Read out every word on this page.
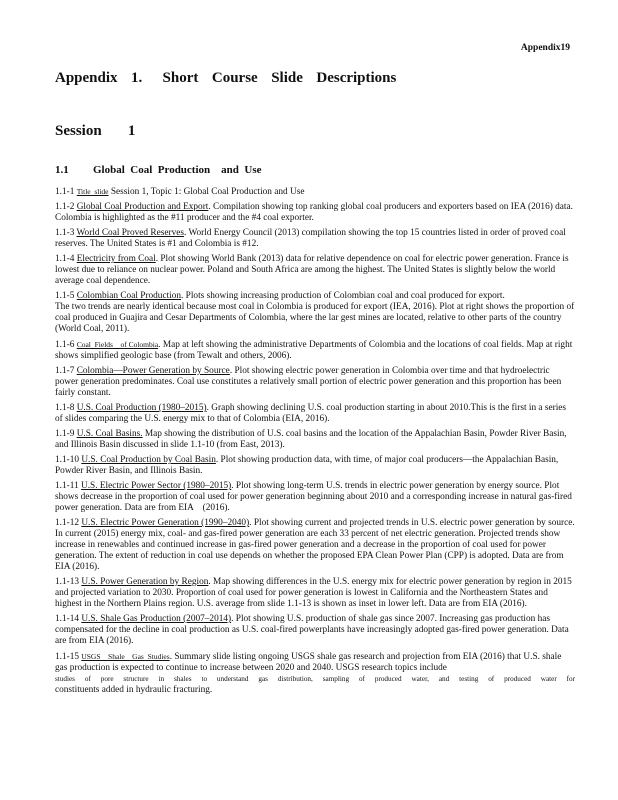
Appendix19
Appendix  1.   Short  Course  Slide  Descriptions
Session   1
1.1 Global  Coal  Production    and  Use

1.1-1 Title  slide Session 1, Topic 1: Global Coal Production and Use

1.1-2 Global Coal Production and Export. Compilation showing top ranking global coal producers and exporters based on IEA (2016) data. Colombia is highlighted as the #11 producer and the #4 coal exporter.

1.1-3 World Coal Proved Reserves. World Energy Council (2013) compilation showing the top 15 countries listed in order of proved coal reserves. The United States is #1 and Colombia is #12.

1.1-4 Electricity from Coal. Plot showing World Bank (2013) data for relative dependence on coal for electric power generation. France is lowest due to reliance on nuclear power. Poland and South Africa are among the highest. The United States is slightly below the world average coal dependence.

1.1-5 Colombian Coal Production. Plots showing increasing production of Colombian coal and coal produced for export.
The two trends are nearly identical because most coal in Colombia is produced for export (IEA, 2016). Plot at right shows the proportion of coal produced in Guajira and Cesar Departments of Colombia, where the lar gest mines are located, relative to other parts of the country (World Coal, 2011).

1.1-6 Coal  Fields    of Colombia. Map at left showing the administrative Departments of Colombia and the locations of coal fields. Map at right shows simplified geologic base (from Tewalt and others, 2006).

1.1-7 Colombia—Power Generation by Source. Plot showing electric power generation in Colombia over time and that hydroelectric power generation predominates. Coal use constitutes a relatively small portion of electric power generation and this proportion has been fairly constant.

1.1-8 U.S. Coal Production (1980–2015). Graph showing declining U.S. coal production starting in about 2010.This is the first in a series of slides comparing the U.S. energy mix to that of Colombia (EIA, 2016).

1.1-9 U.S. Coal Basins. Map showing the distribution of U.S. coal basins and the location of the Appalachian Basin, Powder River Basin, and Illinois Basin discussed in slide 1.1-10 (from East, 2013).

1.1-10 U.S. Coal Production by Coal Basin. Plot showing production data, with time, of major coal producers—the Appalachian Basin, Powder River Basin, and Illinois Basin.

1.1-11 U.S. Electric Power Sector (1980–2015). Plot showing long-term U.S. trends in electric power generation by energy source. Plot shows decrease in the proportion of coal used for power generation beginning about 2010 and a corresponding increase in natural gas-fired power generation. Data are from EIA    (2016).

1.1-12 U.S. Electric Power Generation (1990–2040). Plot showing current and projected trends in U.S. electric power generation by source. In current (2015) energy mix, coal- and gas-fired power generation are each 33 percent of net electric generation. Projected trends show increase in renewables and continued increase in gas-fired power generation and a decrease in the proportion of coal used for power generation. The extent of reduction in coal use depends on whether the proposed EPA Clean Power Plan (CPP) is adopted. Data are from EIA (2016).

1.1-13 U.S. Power Generation by Region. Map showing differences in the U.S. energy mix for electric power generation by region in 2015 and projected variation to 2030. Proportion of coal used for power generation is lowest in California and the Northeastern States and highest in the Northern Plains region. U.S. average from slide 1.1-13 is shown as inset in lower left. Data are from EIA (2016).

1.1-14 U.S. Shale Gas Production (2007–2014). Plot showing U.S. production of shale gas since 2007. Increasing gas production has compensated for the decline in coal production as U.S. coal-fired powerplants have increasingly adopted gas-fired power generation. Data are from EIA (2016).

1.1-15 USGS    Shale    Gas  Studies. Summary slide listing ongoing USGS shale gas research and projection from EIA (2016) that U.S. shale gas production is expected to continue to increase between 2020 and 2040. USGS research topics include
studies of pore structure in shales to understand gas distribution, sampling of produced water, and testing of produced water for
constituents added in hydraulic fracturing.
